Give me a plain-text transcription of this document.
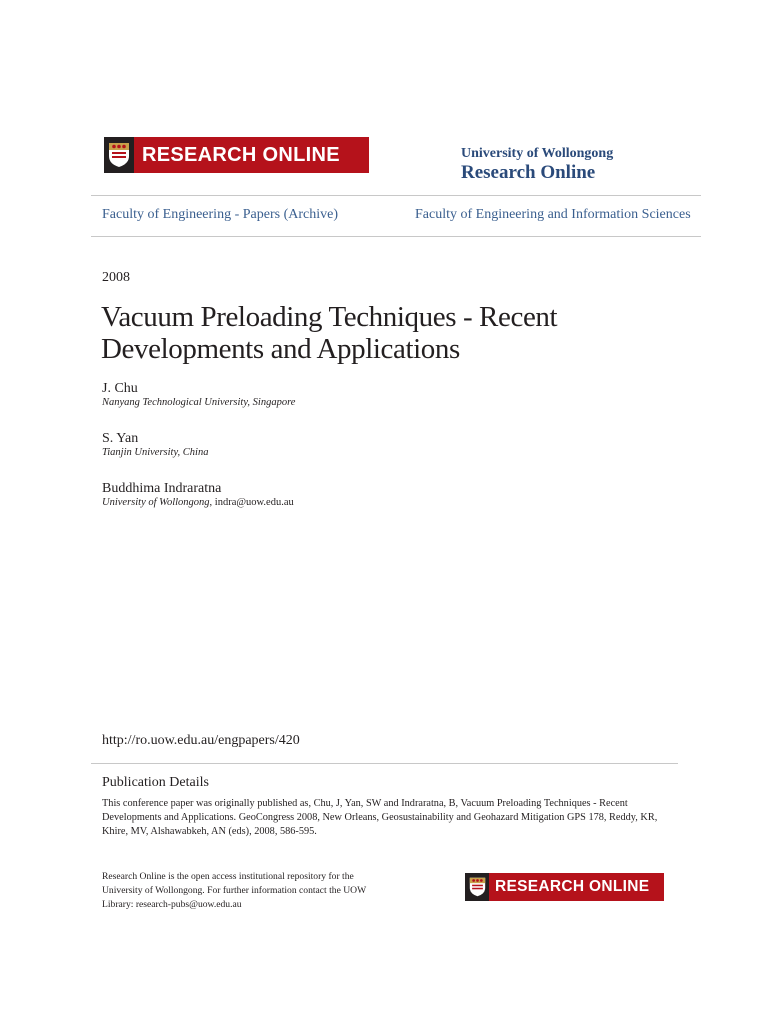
RESEARCH ONLINE	University of Wollongong
Research Online
Faculty of Engineering - Papers (Archive)	Faculty of Engineering and Information Sciences
2008
Vacuum Preloading Techniques - Recent
Developments and Applications
J. Chu
Nanyang Technological University, Singapore
S. Yan
Tianjin University, China
Buddhima Indraratna
University of Wollongong, indra@uow.edu.au
http://ro.uow.edu.au/engpapers/420
Publication Details
This conference paper was originally published as, Chu, J, Yan, SW and Indraratna, B, Vacuum Preloading Techniques - Recent Developments and Applications. GeoCongress 2008, New Orleans, Geosustainability and Geohazard Mitigation GPS 178, Reddy, KR, Khire, MV, Alshawabkeh, AN (eds), 2008, 586-595.
Research Online is the open access institutional repository for the
University of Wollongong. For further information contact the UOW
Library: research-pubs@uow.edu.au
RESEARCH ONLINE
